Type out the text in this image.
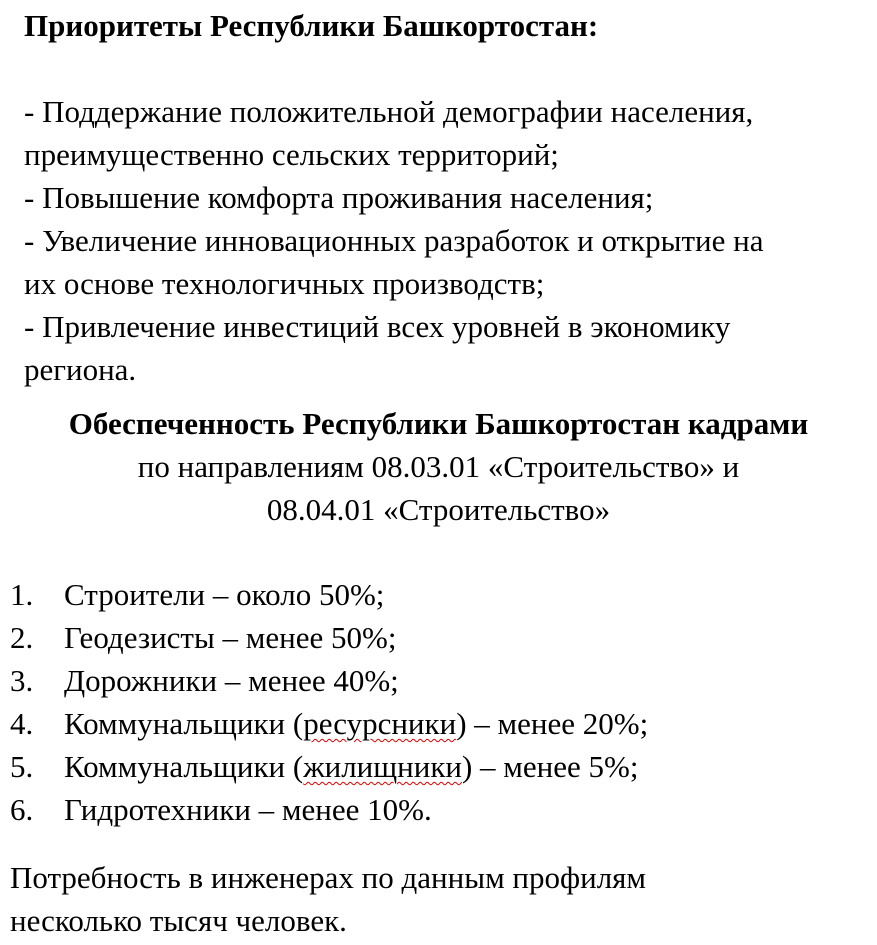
Приоритеты Республики Башкортостан:

- Поддержание положительной демографии населения,
преимущественно сельских территорий;
- Повышение комфорта проживания населения;
- Увеличение инновационных разработок и открытие на
их основе технологичных производств;
- Привлечение инвестиций всех уровней в экономику
региона.

Обеспеченность Республики Башкортостан кадрами

по направлениям 08.03.01 «Строительство» и

08.04.01 «Строительство»

1. Строители – около 50%;
2. Геодезисты – менее 50%;
3. Дорожники – менее 40%;
4. Коммунальщики (ресурсники) – менее 20%;
5. Коммунальщики (жилищники) – менее 5%;
6. Гидротехники – менее 10%.

Потребность в инженерах по данным профилям

несколько тысяч человек.
